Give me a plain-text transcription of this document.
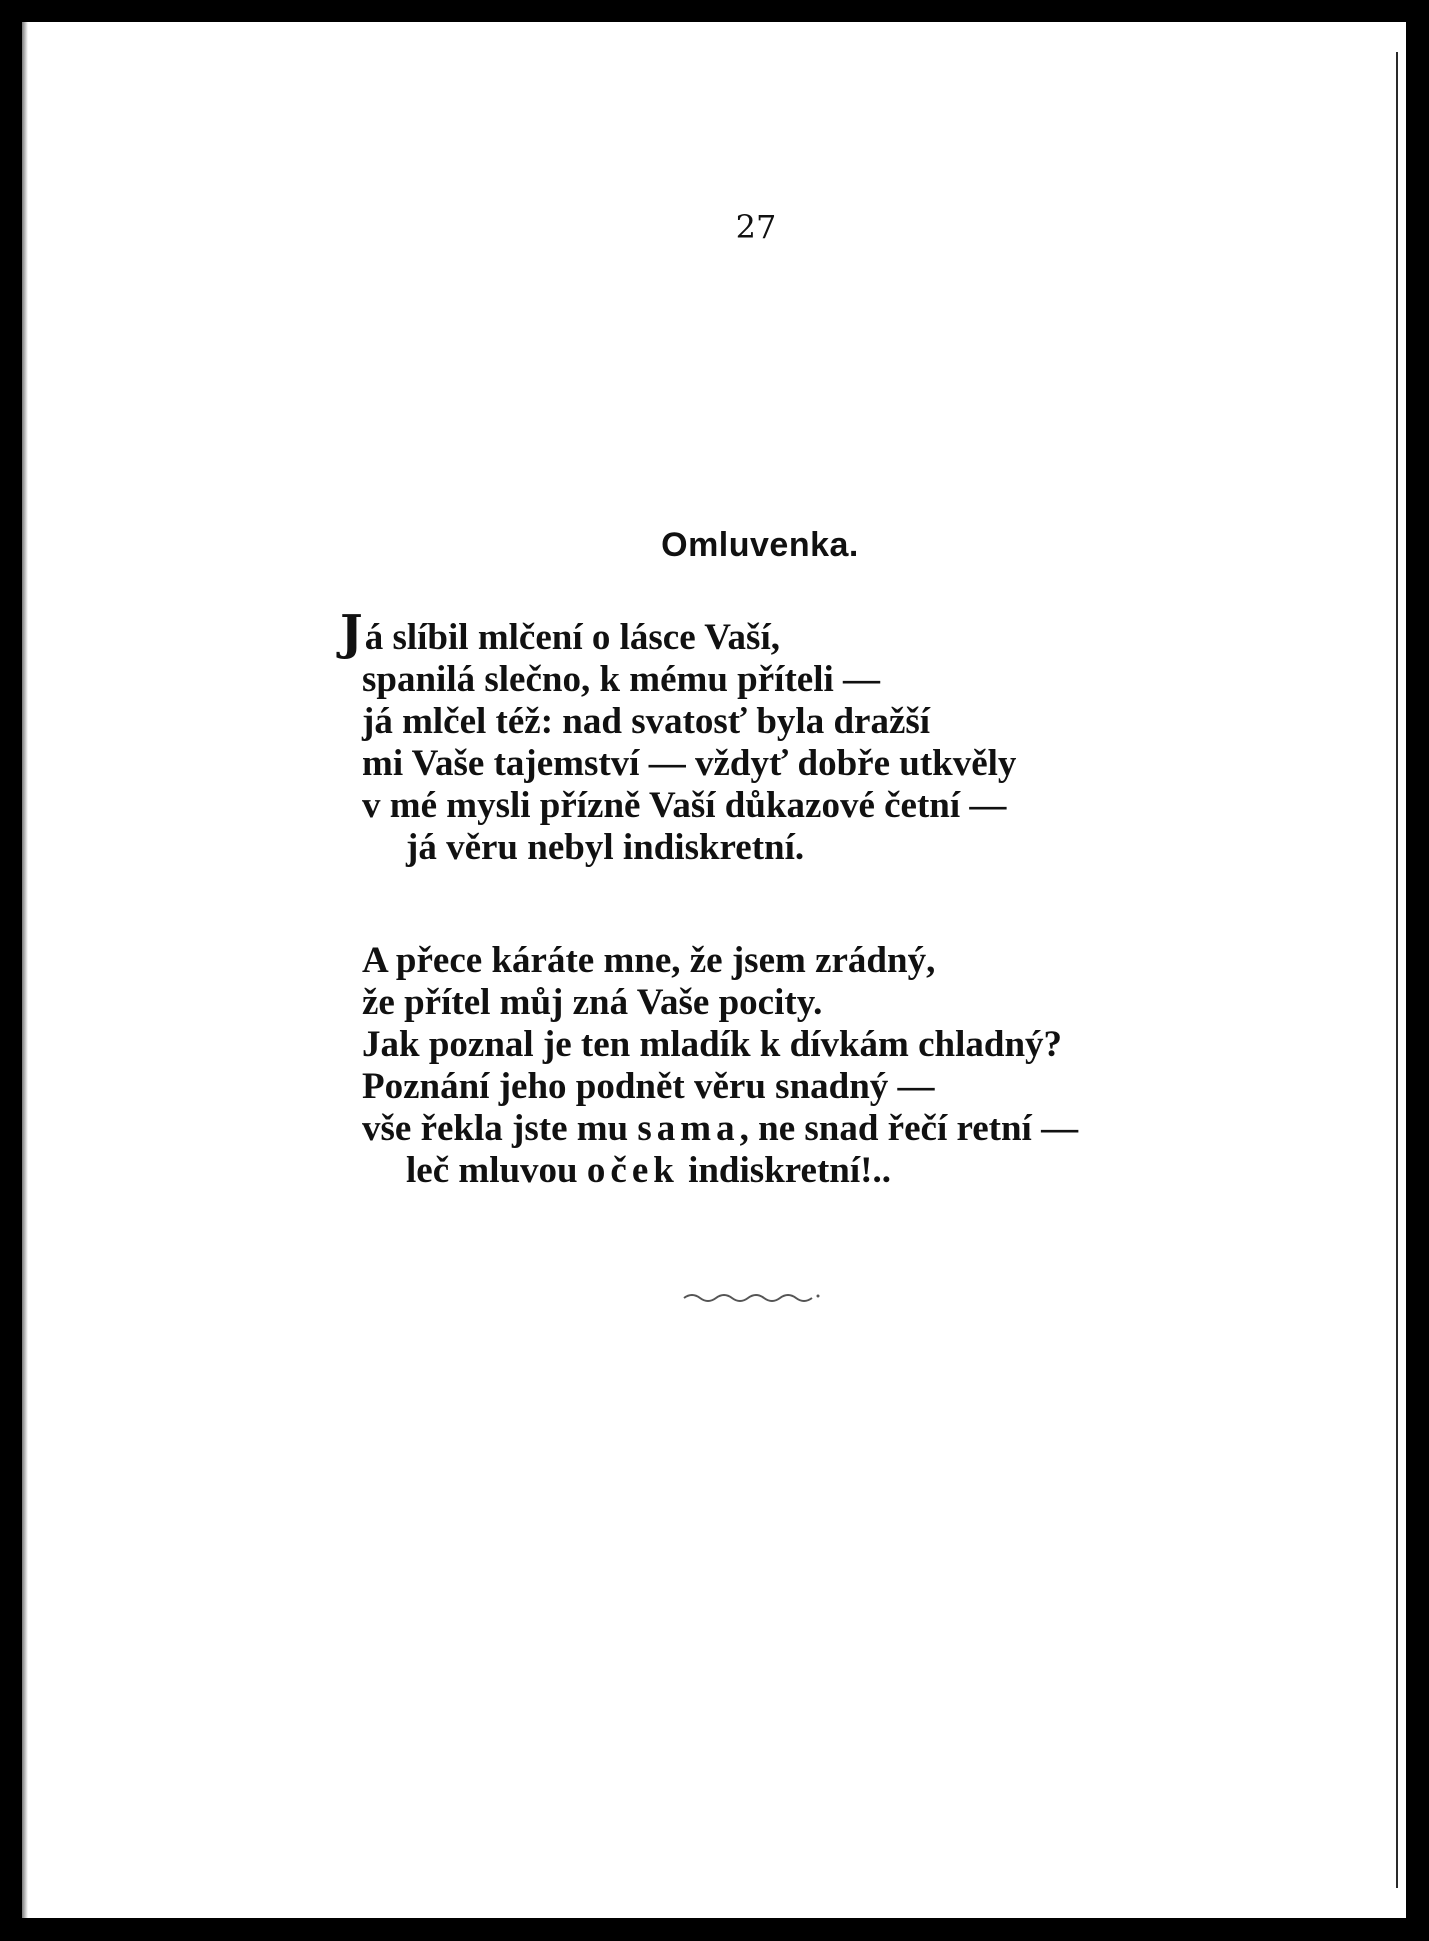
27
Omluvenka.
Já slíbil mlčení o lásce Vaší,
spanilá slečno, k mému příteli —
já mlčel též: nad svatosť byla dražší
mi Vaše tajemství — vždyť dobře utkvěly
v mé mysli přízně Vaší důkazové četní —
já věru nebyl indiskretní.
A přece káráte mne, že jsem zrádný,
že přítel můj zná Vaše pocity.
Jak poznal je ten mladík k dívkám chladný?
Poznání jeho podnět věru snadný —
vše řekla jste mu sama, ne snad řečí retní —
leč mluvou oček indiskretní!..
